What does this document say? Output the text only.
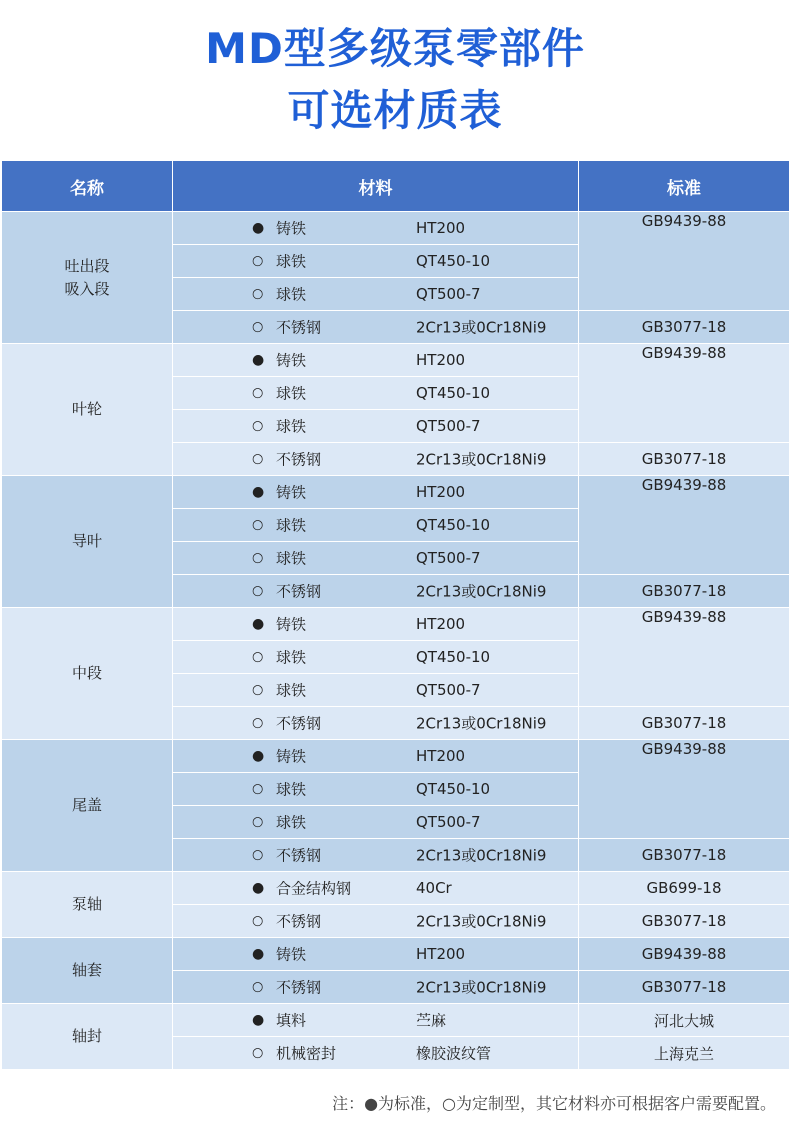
MD型多级泵零部件
可选材质表
名称	材料	标准
吐出段
吸入段	● 铸铁 HT200	GB9439-88

	○ 球铁 QT450-10	

	○ 球铁 QT500-7	

	○ 不锈钢 2Cr13或0Cr18Ni9	GB3077-18
叶轮	● 铸铁 HT200	GB9439-88

	○ 球铁 QT450-10	

	○ 球铁 QT500-7	

	○ 不锈钢 2Cr13或0Cr18Ni9	GB3077-18
导叶	● 铸铁 HT200	GB9439-88

	○ 球铁 QT450-10	

	○ 球铁 QT500-7	

	○ 不锈钢 2Cr13或0Cr18Ni9	GB3077-18
中段	● 铸铁 HT200	GB9439-88

	○ 球铁 QT450-10	

	○ 球铁 QT500-7	

	○ 不锈钢 2Cr13或0Cr18Ni9	GB3077-18
尾盖	● 铸铁 HT200	GB9439-88

	○ 球铁 QT450-10	

	○ 球铁 QT500-7	

	○ 不锈钢 2Cr13或0Cr18Ni9	GB3077-18
泵轴	● 合金结构钢 40Cr	GB699-18

	○ 不锈钢 2Cr13或0Cr18Ni9	GB3077-18
轴套	● 铸铁 HT200	GB9439-88

	○ 不锈钢 2Cr13或0Cr18Ni9	GB3077-18
轴封	● 填料 苎麻	河北大城

	○ 机械密封 橡胶波纹管	上海克兰
注：●为标准，○为定制型，其它材料亦可根据客户需要配置。
